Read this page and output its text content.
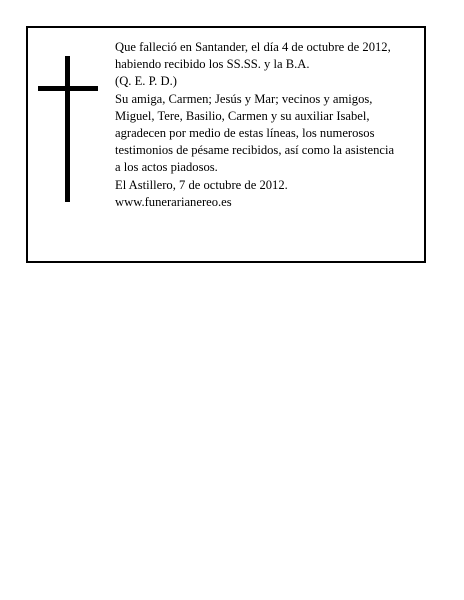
Que falleció en Santander, el día 4 de octubre de 2012,
habiendo recibido los SS.SS. y la B.A.
(Q. E. P. D.)
Su amiga, Carmen; Jesús y Mar; vecinos y amigos,
Miguel, Tere, Basilio, Carmen y su auxiliar Isabel,
agradecen por medio de estas líneas, los numerosos
testimonios de pésame recibidos, así como la asistencia
a los actos piadosos.
El Astillero, 7 de octubre de 2012.
www.funerarianereo.es
